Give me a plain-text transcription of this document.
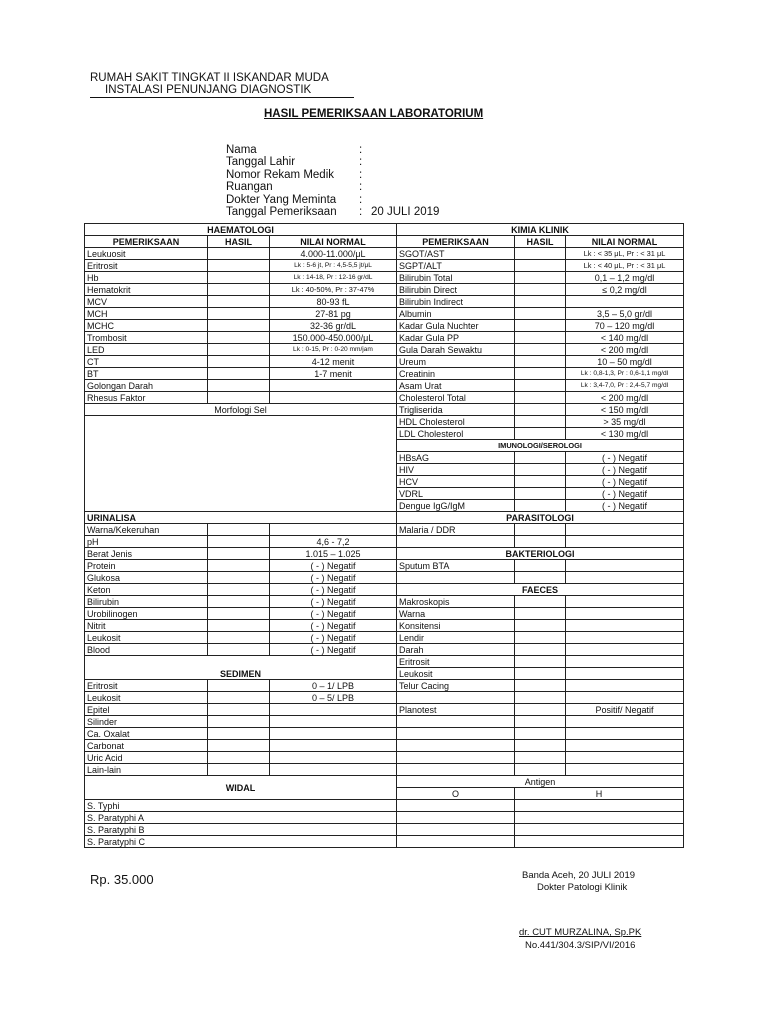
RUMAH SAKIT TINGKAT II ISKANDAR MUDA
INSTALASI PENUNJANG DIAGNOSTIK
HASIL PEMERIKSAAN LABORATORIUM
Nama	:
Tanggal Lahir	:
Nomor Rekam Medik	:
Ruangan	:
Dokter Yang Meminta	:
Tanggal Pemeriksaan	: 20 JULI 2019
HAEMATOLOGI			KIMIA KLINIK		
PEMERIKSAAN	HASIL	NILAI NORMAL	PEMERIKSAAN	HASIL	NILAI NORMAL
Leukuosit		4.000-11.000/μL	SGOT/AST		Lk : < 35 μL, Pr : < 31 μL
Eritrosit		Lk : 5-6 jt, Pr : 4,5-5,5 jt/μL	SGPT/ALT		Lk : < 40 μL, Pr : < 31 μL
Hb		Lk : 14-18, Pr : 12-16 gr/dL	Bilirubin Total		0,1 – 1,2 mg/dl
Hematokrit		Lk : 40-50%, Pr : 37-47%	Bilirubin Direct		≤ 0,2 mg/dl
MCV		80-93 fL	Bilirubin Indirect		
MCH		27-81 pg	Albumin		3,5 – 5,0 gr/dl
MCHC		32-36 gr/dL	Kadar Gula Nuchter		70 – 120 mg/dl
Trombosit		150.000-450.000/μL	Kadar Gula PP		< 140 mg/dl
LED		Lk : 0-15, Pr : 0-20 mm/jam	Gula Darah Sewaktu		< 200 mg/dl
CT		4-12 menit	Ureum		10 – 50 mg/dl
BT		1-7 menit	Creatinin		Lk : 0,8-1,3, Pr : 0,6-1,1 mg/dl
Golongan Darah			Asam Urat		Lk : 3,4-7,0, Pr : 2,4-5,7 mg/dl
Rhesus Faktor			Cholesterol Total		< 200 mg/dl
Morfologi Sel			Trigliserida		< 150 mg/dl
			HDL Cholesterol		> 35 mg/dl
			LDL Cholesterol		< 130 mg/dl
			IMUNOLOGI/SEROLOGI		
			HBsAG		( - ) Negatif
			HIV		( - ) Negatif
			HCV		( - ) Negatif
			VDRL		( - ) Negatif
			Dengue IgG/IgM		( - ) Negatif
URINALISA			PARASITOLOGI		
Warna/Kekeruhan			Malaria / DDR		
pH		4,6 - 7,2			
Berat Jenis		1.015 – 1.025	BAKTERIOLOGI		
Protein		( - ) Negatif	Sputum BTA		
Glukosa		( - ) Negatif			
Keton		( - ) Negatif	FAECES		
Bilirubin		( - ) Negatif	Makroskopis		
Urobilinogen		( - ) Negatif	Warna		
Nitrit		( - ) Negatif	Konsitensi		
Leukosit		( - ) Negatif	Lendir		
Blood		( - ) Negatif	Darah		
SEDIMEN			Eritrosit		
			Leukosit		
Eritrosit		0 – 1/ LPB	Telur Cacing		
Leukosit		0 – 5/ LPB			
Epitel			Planotest		Positif/ Negatif
Silinder					
Ca. Oxalat					
Carbonat					
Uric Acid					
Lain-lain					
WIDAL			Antigen		
			O	H	
S. Typhi					
S. Paratyphi A					
S. Paratyphi B					
S. Paratyphi C					
Rp. 35.000	Banda Aceh, 20 JULI 2019
Dokter Patologi Klinik
dr. CUT MURZALINA, Sp.PK
No.441/304.3/SIP/VI/2016
